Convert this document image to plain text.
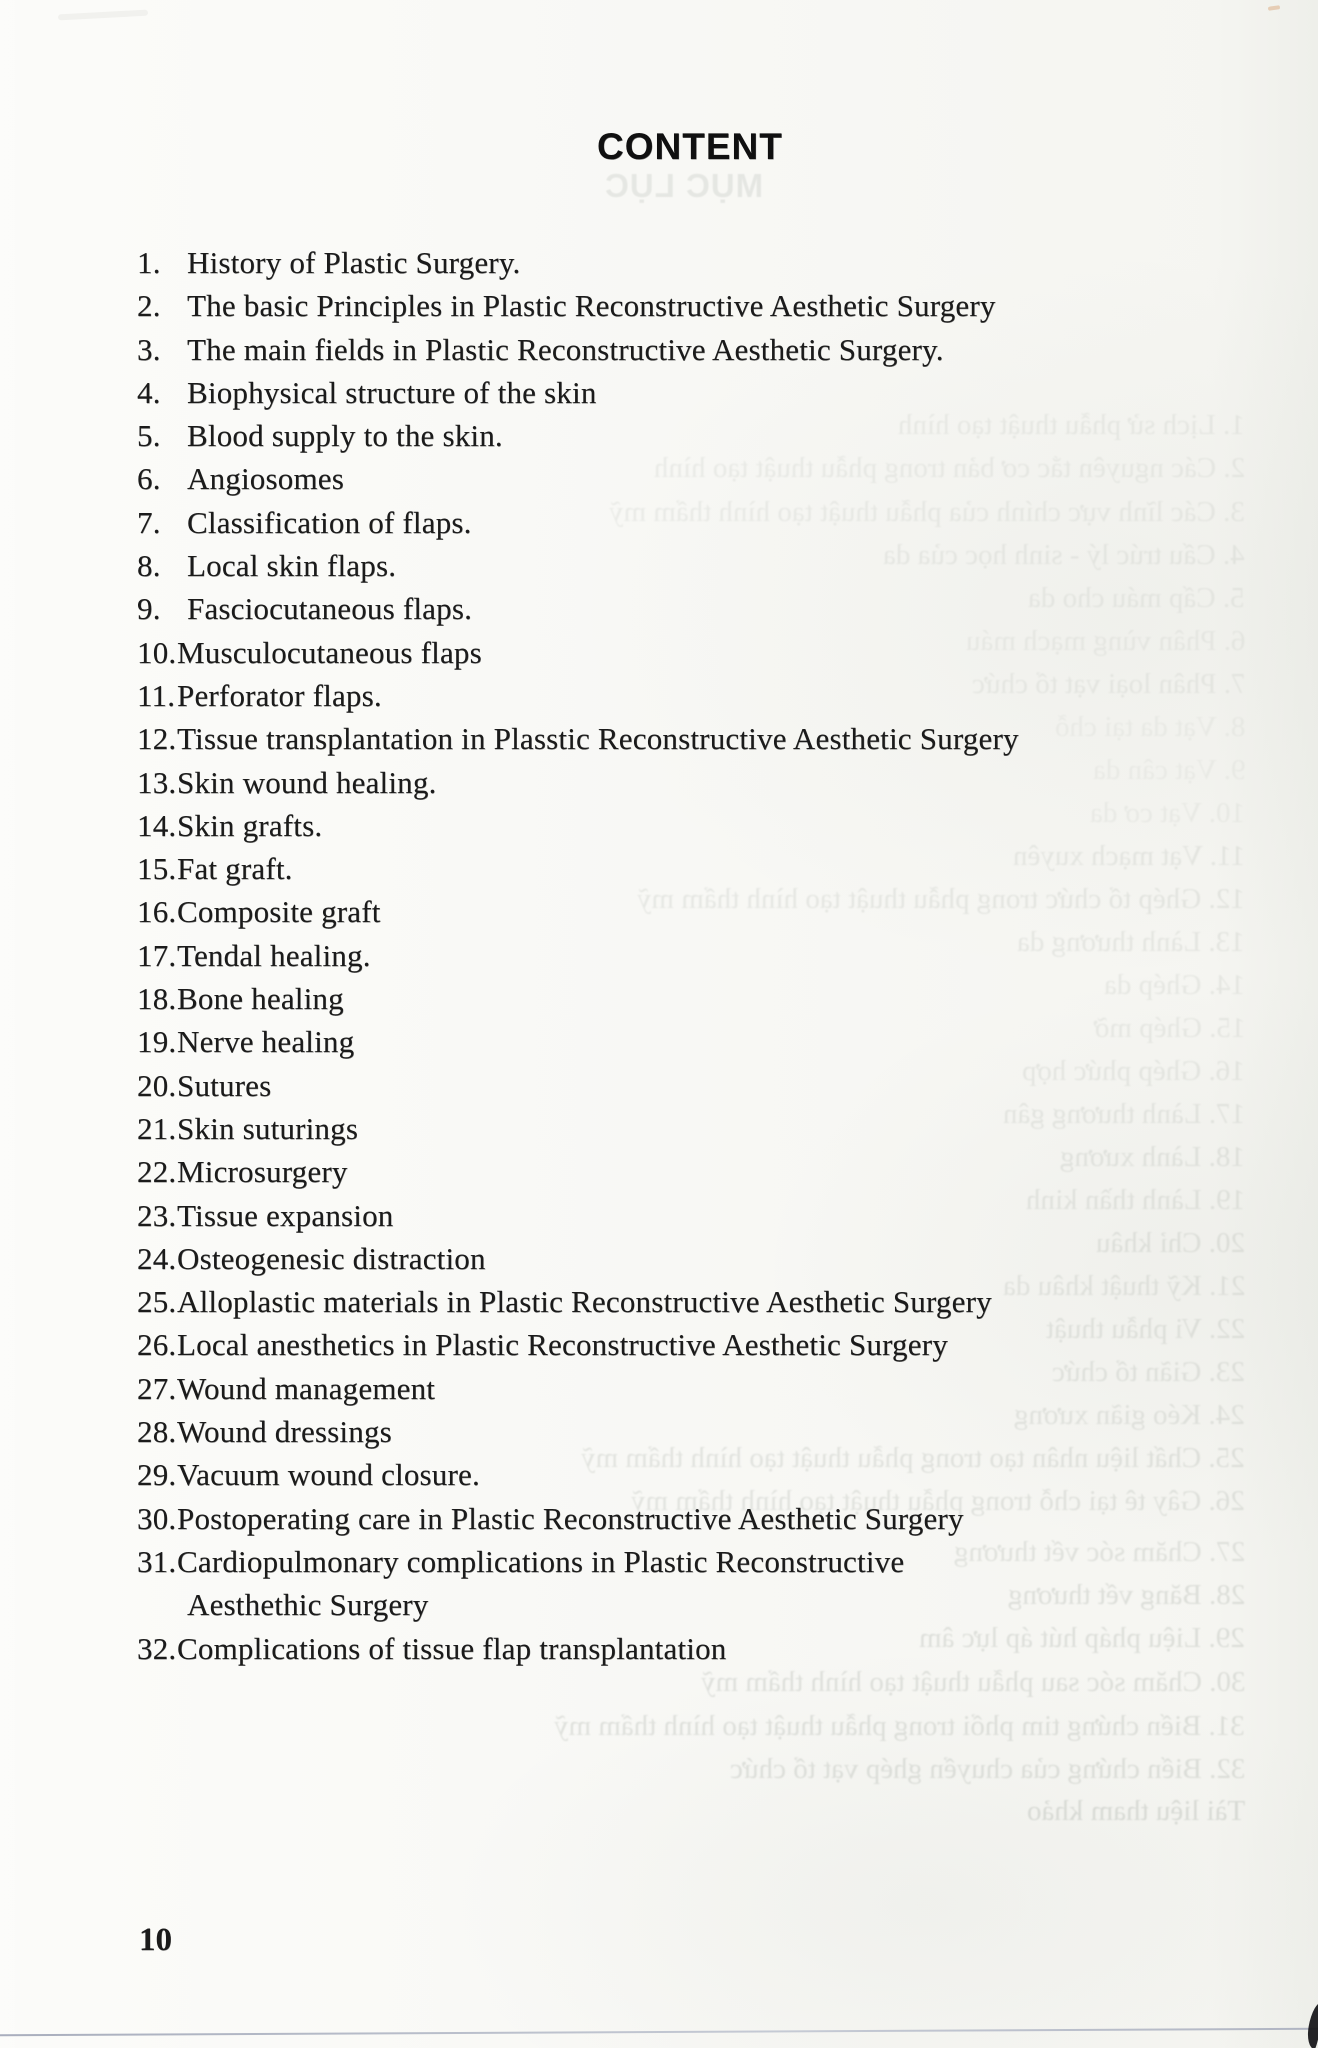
CONTENT
MỤC LỤC
1. History of Plastic Surgery.
2. The basic Principles in Plastic Reconstructive Aesthetic Surgery
3. The main fields in Plastic Reconstructive Aesthetic Surgery.
4. Biophysical structure of the skin
5. Blood supply to the skin.
6. Angiosomes
7. Classification of flaps.
8. Local skin flaps.
9. Fasciocutaneous flaps.
10.Musculocutaneous flaps
11.Perforator flaps.
12.Tissue transplantation in Plasstic Reconstructive Aesthetic Surgery
13.Skin wound healing.
14.Skin grafts.
15.Fat graft.
16.Composite graft
17.Tendal healing.
18.Bone healing
19.Nerve healing
20.Sutures
21.Skin suturings
22.Microsurgery
23.Tissue expansion
24.Osteogenesic distraction
25.Alloplastic materials in Plastic Reconstructive Aesthetic Surgery
26.Local anesthetics in Plastic Reconstructive Aesthetic Surgery
27.Wound management
28.Wound dressings
29.Vacuum wound closure.
30.Postoperating care in Plastic Reconstructive Aesthetic Surgery
31.Cardiopulmonary complications in Plastic Reconstructive
Aesthethic Surgery
32.Complications of tissue flap transplantation
1. Lịch sử phẫu thuật tạo hình
2. Các nguyên tắc cơ bản trong phẫu thuật tạo hình
3. Các lĩnh vực chính của phẫu thuật tạo hình thẩm mỹ
4. Cấu trúc lý - sinh học của da
5. Cấp máu cho da
6. Phân vùng mạch máu
7. Phân loại vạt tổ chức
8. Vạt da tại chỗ
9. Vạt cân da
10. Vạt cơ da
11. Vạt mạch xuyên
12. Ghép tổ chức trong phẫu thuật tạo hình thẩm mỹ
13. Lành thương da
14. Ghép da
15. Ghép mỡ
16. Ghép phức hợp
17. Lành thương gân
18. Lành xương
19. Lành thần kinh
20. Chỉ khâu
21. Kỹ thuật khâu da
22. Vi phẫu thuật
23. Giãn tổ chức
24. Kéo giãn xương
25. Chất liệu nhân tạo trong phẫu thuật tạo hình thẩm mỹ
26. Gây tê tại chỗ trong phẫu thuật tạo hình thẩm mỹ
27. Chăm sóc vết thương
28. Băng vết thương
29. Liệu pháp hút áp lực âm
30. Chăm sóc sau phẫu thuật tạo hình thẩm mỹ
31. Biến chứng tim phổi trong phẫu thuật tạo hình thẩm mỹ
32. Biến chứng của chuyển ghép vạt tổ chức
Tài liệu tham khảo
10
